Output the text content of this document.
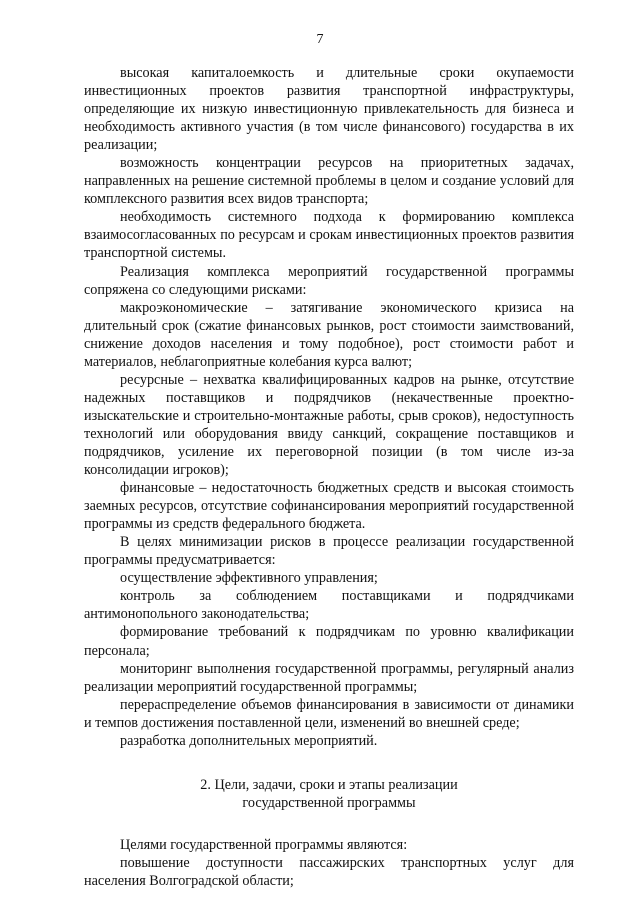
7

высокая капиталоемкость и длительные сроки окупаемости инвестиционных проектов развития транспортной инфраструктуры, определяющие их низкую инвестиционную привлекательность для бизнеса и необходимость активного участия (в том числе финансового) государства в их реализации;

возможность концентрации ресурсов на приоритетных задачах, направленных на решение системной проблемы в целом и создание условий для комплексного развития всех видов транспорта;

необходимость системного подхода к формированию комплекса взаимосогласованных по ресурсам и срокам инвестиционных проектов развития транспортной системы.

Реализация комплекса мероприятий государственной программы сопряжена со следующими рисками:

макроэкономические – затягивание экономического кризиса на длительный срок (сжатие финансовых рынков, рост стоимости заимствований, снижение доходов населения и тому подобное), рост стоимости работ и материалов, неблагоприятные колебания курса валют;

ресурсные – нехватка квалифицированных кадров на рынке, отсутствие надежных поставщиков и подрядчиков (некачественные проектно-изыскательские и строительно-монтажные работы, срыв сроков), недоступность технологий или оборудования ввиду санкций, сокращение поставщиков и подрядчиков, усиление их переговорной позиции (в том числе из-за консолидации игроков);

финансовые – недостаточность бюджетных средств и высокая стоимость заемных ресурсов, отсутствие софинансирования мероприятий государственной программы из средств федерального бюджета.

В целях минимизации рисков в процессе реализации государственной программы предусматривается:

осуществление эффективного управления;

контроль за соблюдением поставщиками и подрядчиками антимонопольного законодательства;

формирование требований к подрядчикам по уровню квалификации персонала;

мониторинг выполнения государственной программы, регулярный анализ реализации мероприятий государственной программы;

перераспределение объемов финансирования в зависимости от динамики и темпов достижения поставленной цели, изменений во внешней среде;

разработка дополнительных мероприятий.

2. Цели, задачи, сроки и этапы реализации
государственной программы

Целями государственной программы являются:

повышение доступности пассажирских транспортных услуг для населения Волгоградской области;
